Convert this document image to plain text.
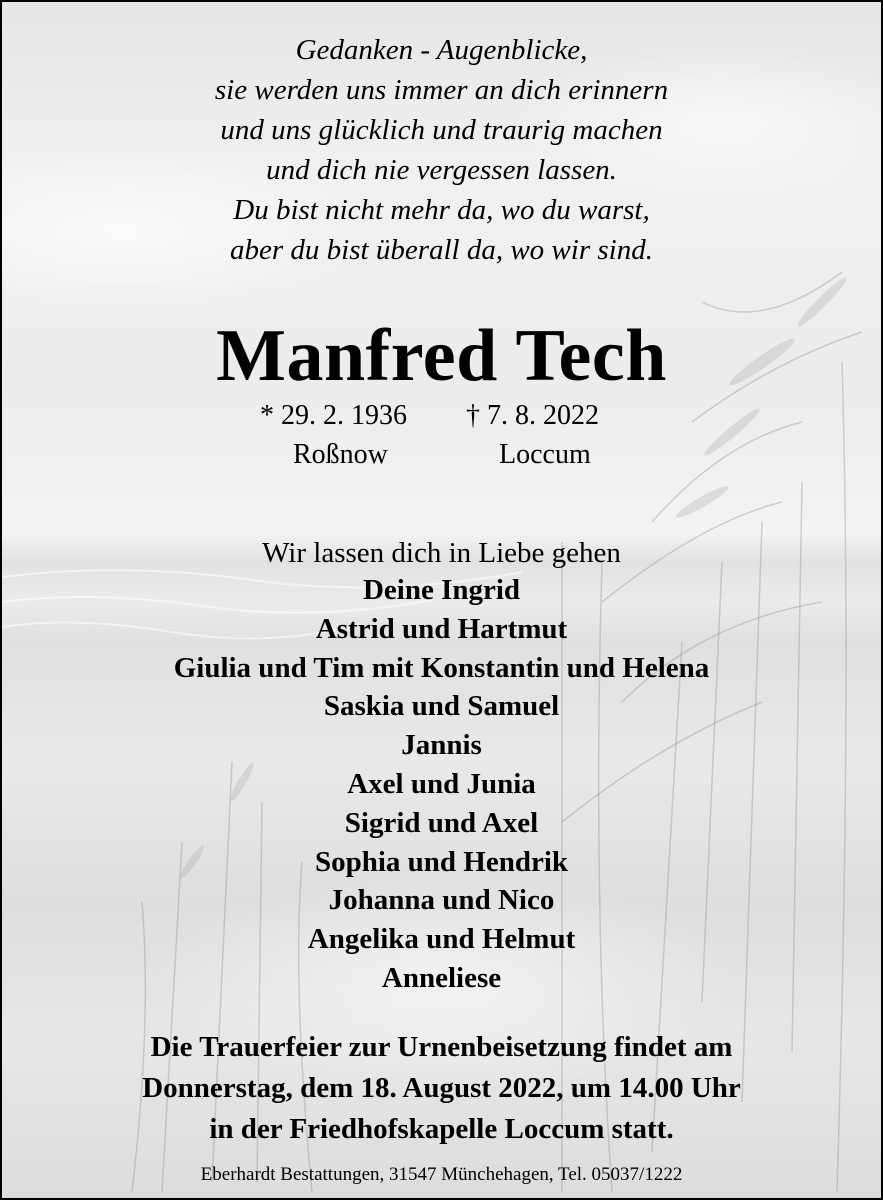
Gedanken - Augenblicke,
sie werden uns immer an dich erinnern
und uns glücklich und traurig machen
und dich nie vergessen lassen.
Du bist nicht mehr da, wo du warst,
aber du bist überall da, wo wir sind.
Manfred Tech
* 29. 2. 1936 † 7. 8. 2022
Roßnow	Loccum
Wir lassen dich in Liebe gehen
Deine Ingrid
Astrid und Hartmut
Giulia und Tim mit Konstantin und Helena
Saskia und Samuel
Jannis
Axel und Junia
Sigrid und Axel
Sophia und Hendrik
Johanna und Nico
Angelika und Helmut
Anneliese
Die Trauerfeier zur Urnenbeisetzung findet am
Donnerstag, dem 18. August 2022, um 14.00 Uhr
in der Friedhofskapelle Loccum statt.
Eberhardt Bestattungen, 31547 Münchehagen, Tel. 05037/1222
